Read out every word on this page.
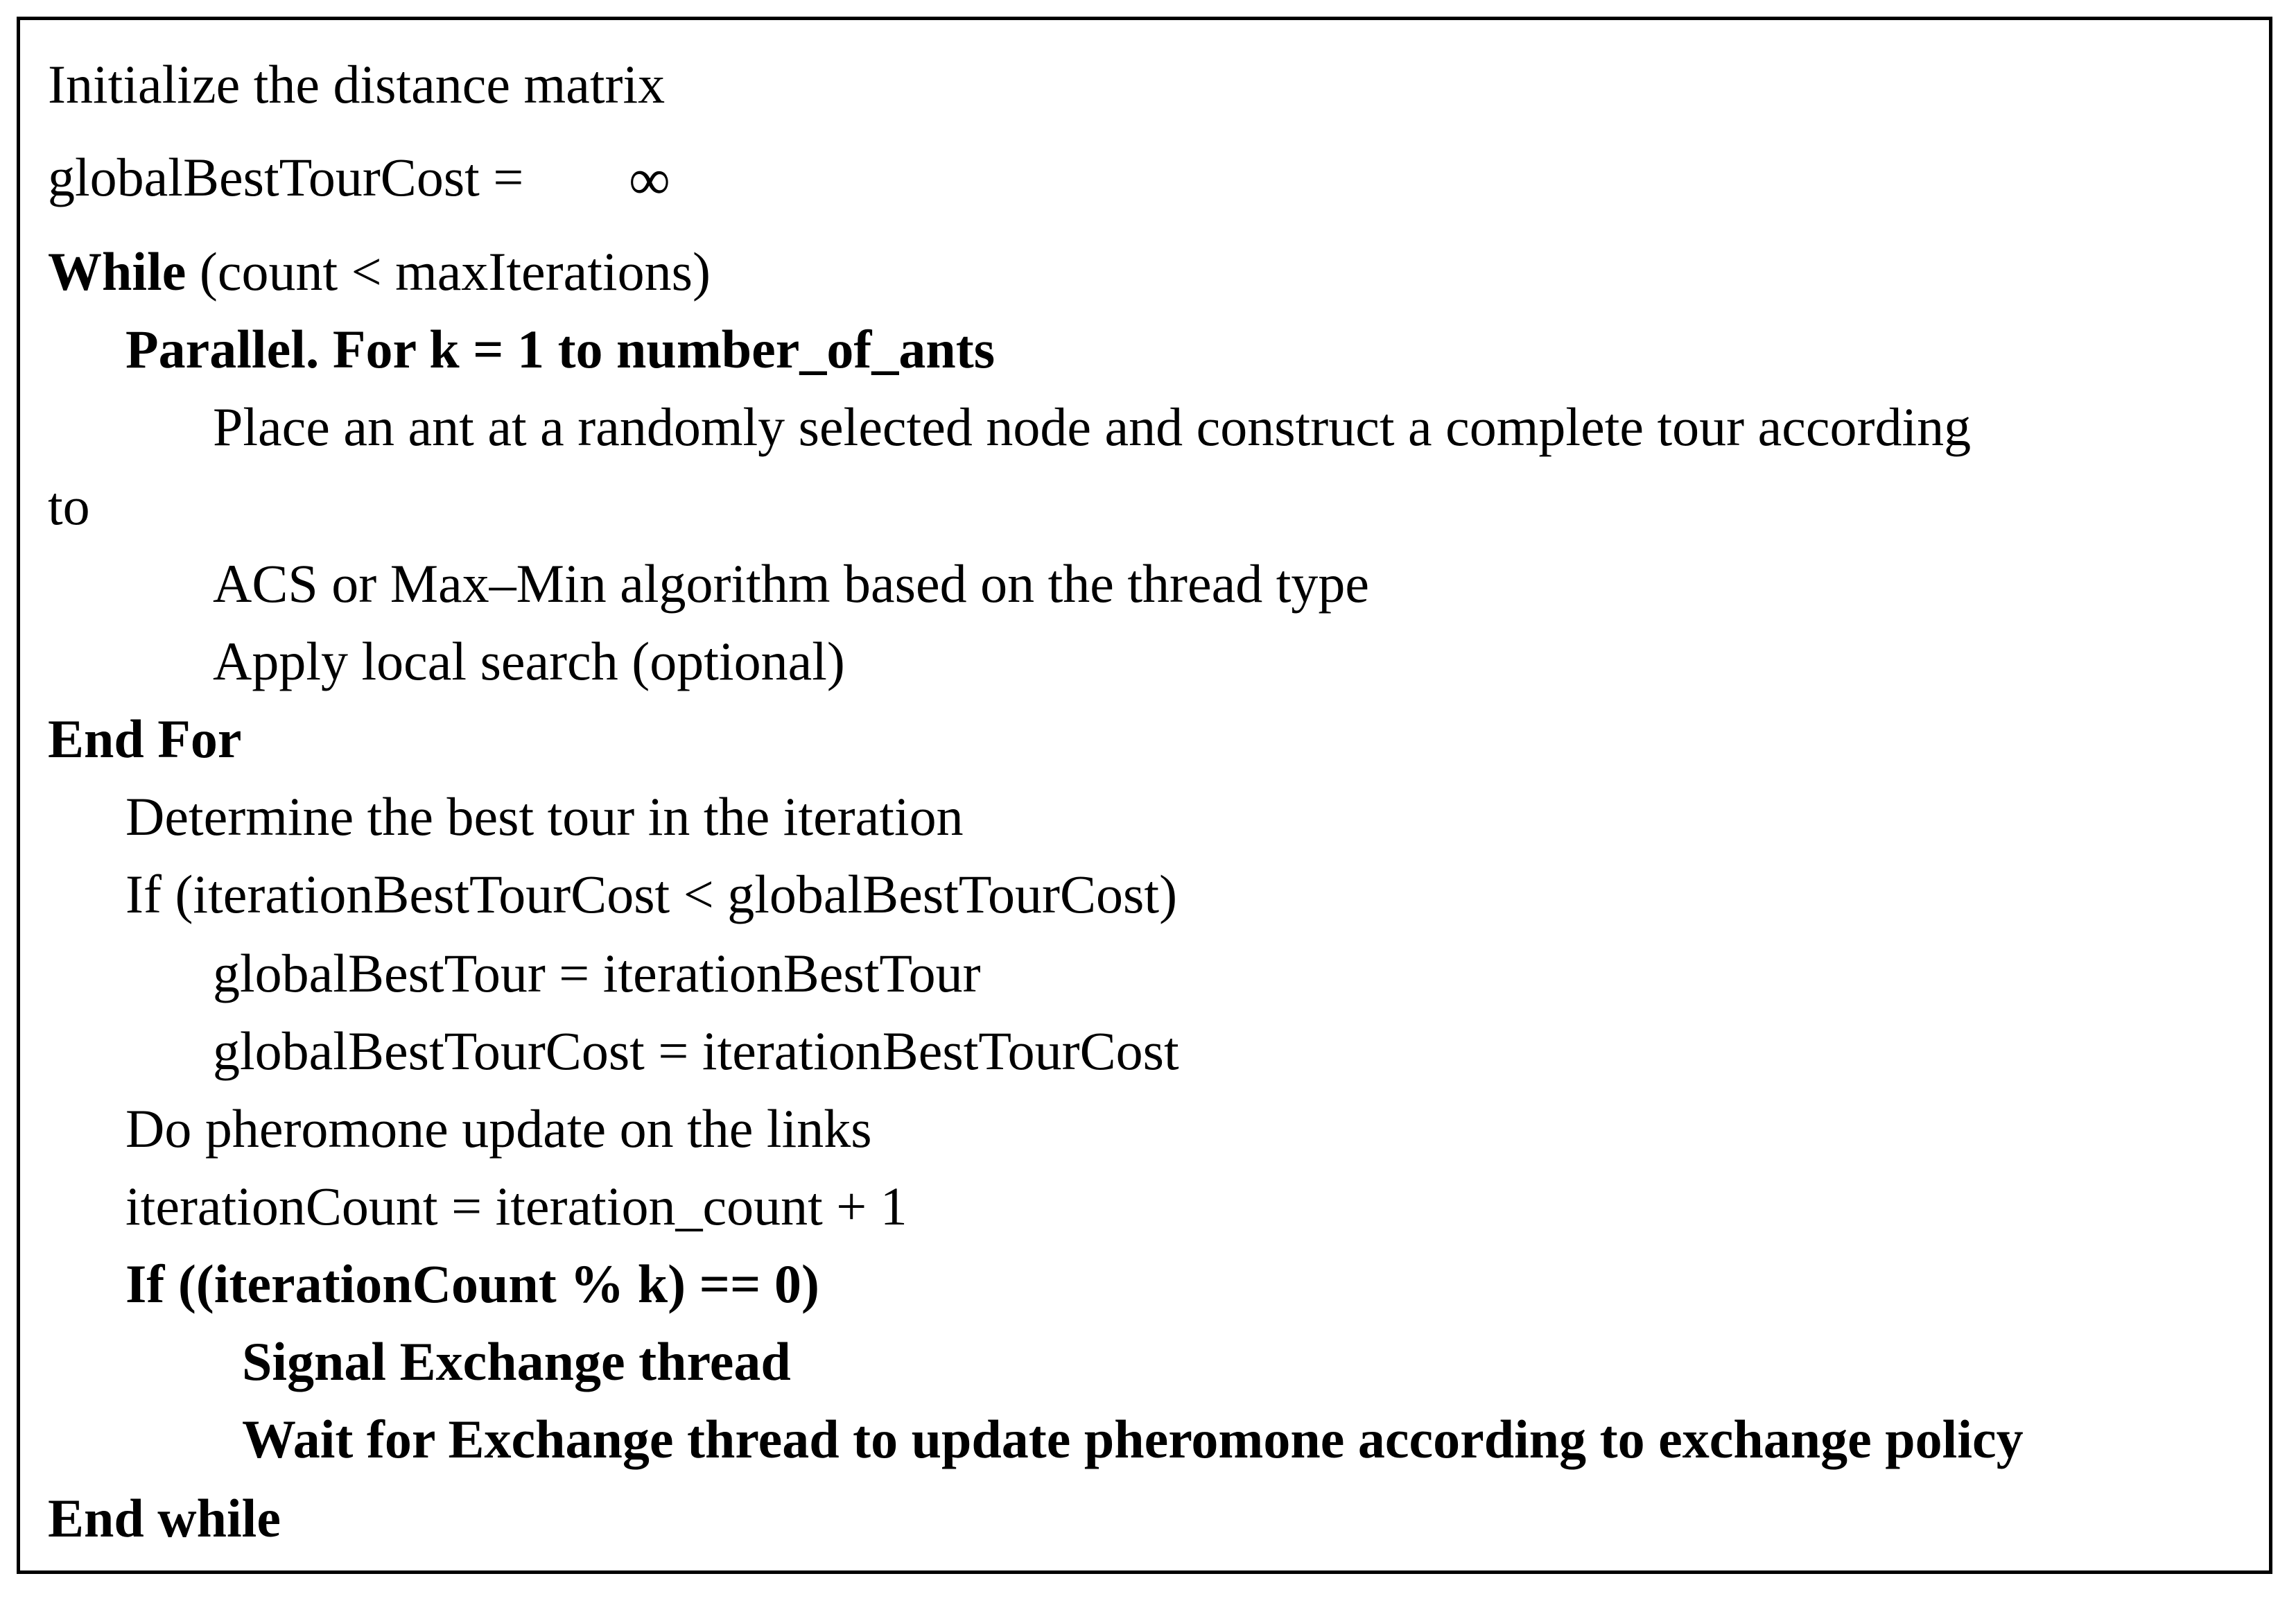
Initialize the distance matrix
globalBestTourCost = ∞
While (count < maxIterations)
Parallel. For k = 1 to number_of_ants
Place an ant at a randomly selected node and construct a complete tour according
to
ACS or Max–Min algorithm based on the thread type
Apply local search (optional)
End For
Determine the best tour in the iteration
If (iterationBestTourCost < globalBestTourCost)
globalBestTour = iterationBestTour
globalBestTourCost = iterationBestTourCost
Do pheromone update on the links
iterationCount = iteration_count + 1
If ((iterationCount % k) == 0)
Signal Exchange thread
Wait for Exchange thread to update pheromone according to exchange policy
End while
